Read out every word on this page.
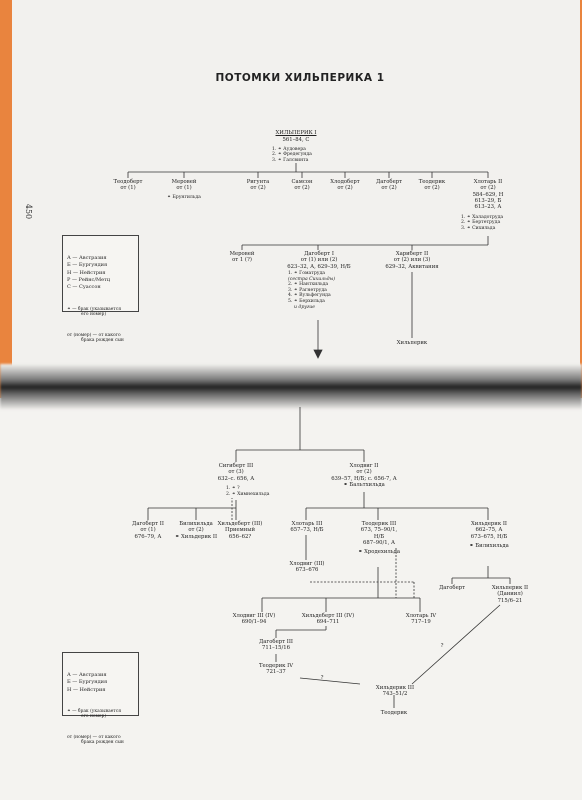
450
ПОТОМКИ ХИЛЬПЕРИКА 1
ХИЛЬПЕРИК I
561–84, С
1. ⚭ Аудовера
2. ⚭ Фредегунда
3. ⚭ Галсвинта
Теодоберт
от (1)
Меровей
от (1)
⚭ Брунгильда
Ригунта
от (2)
Самсон
от (2)
Хлодоберт
от (2)
Дагоберт
от (2)
Теодерик
от (2)
Хлотарь II
от (2)
584–629, Н
613–29, Б
613–23, А
1. ⚭ Халадотруда
2. ⚭ Бертетруда
3. ⚭ Сихильда

А — Австразия
Б — Бургундия
Н — Нейстрия
Р — Рейнс/Метц
С — Суассон

⚭ — брак (указывается
его номер)

от (номер) — от какого
брака рожден сын

Меровей
от 1 (?)
Дагоберт I
от (1) или (2)
623–32, А, 629–39, Н/Б
1. ⚭ Гоматруда
(сестра Сихильды)
2. ⚭ Нантхильда
3. ⚭ Рагнетруда
4. ⚭ Вульфегунда
5. ⚭ Берхильда
и другие
Хариберт II
от (2) или (3)
629–32, Аквитания
Хильперик
Сигиберт III
от (3)
632–с. 656, А
1. ⚭ ?
2. ⚭ Химнехильда
Хлодвиг II
от (2)
639–57, Н/Б; с. 656-7, А
⚭ Бальтхильда
Дагоберт II
от (1)
676–79, А
Билихильда
от (2)
⚭ Хильдерик II
Хильдеберт (III)
Приемный
656–62?
Хлотарь III
657–73, Н/Б
Теодерик III
673, 75–90/1,
Н/Б
687–90/1, А
⚭ Хродехильда
Хильдерик II
662–75, А
673–675, Н/Б
⚭ Билихильда
Хлодвиг (III)
673–676
Дагоберт	Хильперик II
(Даниил)
715/6–21
Хлодвиг III (IV)
690/1–94
Хильдеберт III (IV)
694–711
Хлотарь IV
717–19
Дагоберт III
711–15/16
Теодерик IV
721–37
Хильдерик III
743–51/2
Теодерик
?
?

А — Австразия
Б — Бургундия
Н — Нейстрия

⚭ — брак (указывается
его номер)

от (номер) — от какого
брака рожден сын
